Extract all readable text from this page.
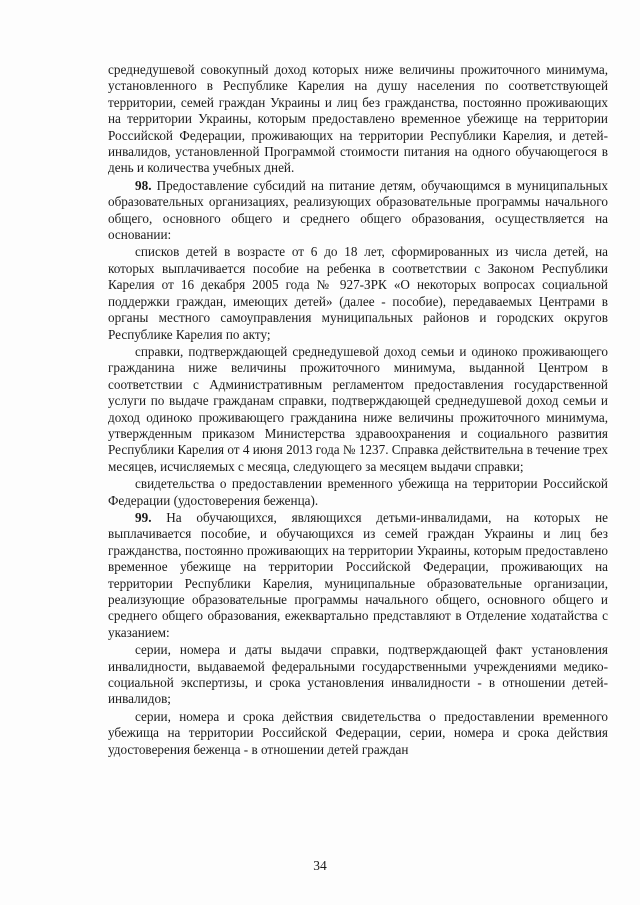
среднедушевой совокупный доход которых ниже величины прожиточного минимума, установленного в Республике Карелия на душу населения по соответствующей территории, семей граждан Украины и лиц без гражданства, постоянно проживающих на территории Украины, которым предоставлено временное убежище на территории Российской Федерации, проживающих на территории Республики Карелия, и детей-инвалидов, установленной Программой стоимости питания на одного обучающегося в день и количества учебных дней.

98. Предоставление субсидий на питание детям, обучающимся в муниципальных образовательных организациях, реализующих образовательные программы начального общего, основного общего и среднего общего образования, осуществляется на основании:

списков детей в возрасте от 6 до 18 лет, сформированных из числа детей, на которых выплачивается пособие на ребенка в соответствии с Законом Республики Карелия от 16 декабря 2005 года № 927-ЗРК «О некоторых вопросах социальной поддержки граждан, имеющих детей» (далее - пособие), передаваемых Центрами в органы местного самоуправления муниципальных районов и городских округов Республике Карелия по акту;

справки, подтверждающей среднедушевой доход семьи и одиноко проживающего гражданина ниже величины прожиточного минимума, выданной Центром в соответствии с Административным регламентом предоставления государственной услуги по выдаче гражданам справки, подтверждающей среднедушевой доход семьи и доход одиноко проживающего гражданина ниже величины прожиточного минимума, утвержденным приказом Министерства здравоохранения и социального развития Республики Карелия от 4 июня 2013 года № 1237. Справка действительна в течение трех месяцев, исчисляемых с месяца, следующего за месяцем выдачи справки;

свидетельства о предоставлении временного убежища на территории Российской Федерации (удостоверения беженца).

99. На обучающихся, являющихся детьми-инвалидами, на которых не выплачивается пособие, и обучающихся из семей граждан Украины и лиц без гражданства, постоянно проживающих на территории Украины, которым предоставлено временное убежище на территории Российской Федерации, проживающих на территории Республики Карелия, муниципальные образовательные организации, реализующие образовательные программы начального общего, основного общего и среднего общего образования, ежеквартально представляют в Отделение ходатайства с указанием:

серии, номера и даты выдачи справки, подтверждающей факт установления инвалидности, выдаваемой федеральными государственными учреждениями медико-социальной экспертизы, и срока установления инвалидности - в отношении детей-инвалидов;

серии, номера и срока действия свидетельства о предоставлении временного убежища на территории Российской Федерации, серии, номера и срока действия удостоверения беженца - в отношении детей граждан

34
